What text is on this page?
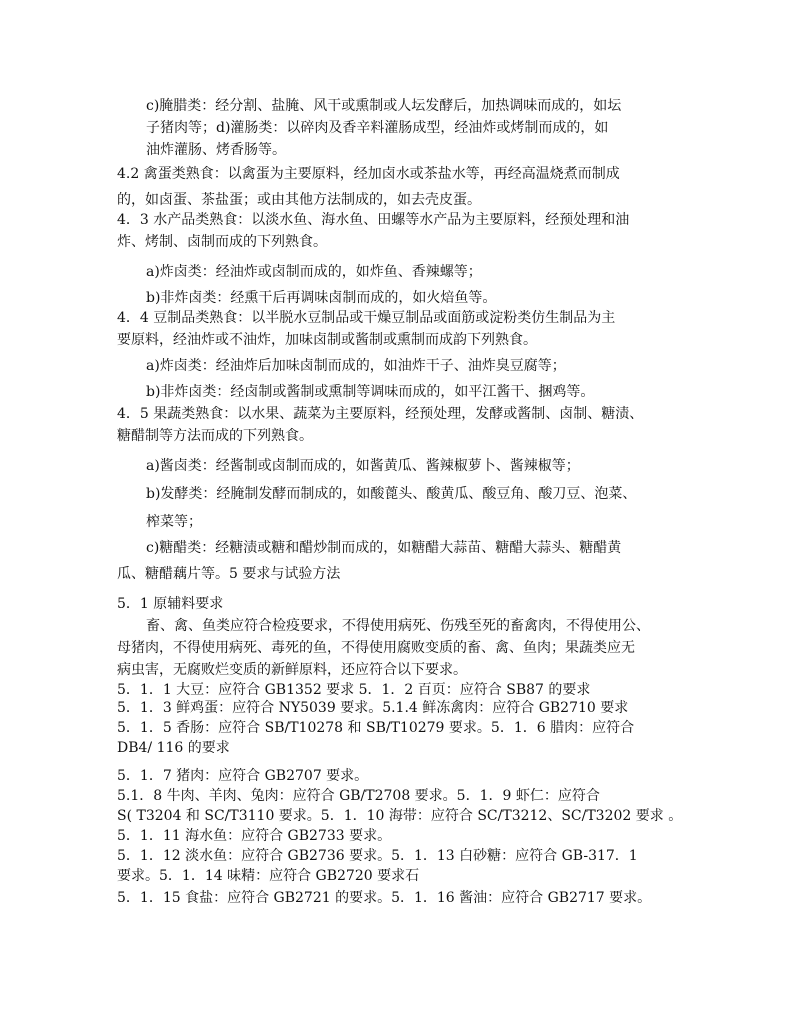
c)腌腊类：经分割、盐腌、风干或熏制或人坛发酵后，加热调味而成的，如坛

子猪肉等；d)灌肠类：以碎肉及香辛料灌肠成型，经油炸或烤制而成的，如

油炸灌肠、烤香肠等。

4.2 禽蛋类熟食：以禽蛋为主要原料，经加卤水或茶盐水等，再经高温烧煮而制成

的，如卤蛋、茶盐蛋；或由其他方法制成的，如去壳皮蛋。

4．3 水产品类熟食：以淡水鱼、海水鱼、田螺等水产品为主要原料，经预处理和油

炸、烤制、卤制而成的下列熟食。

a)炸卤类：经油炸或卤制而成的，如炸鱼、香辣螺等；

b)非炸卤类：经熏干后再调味卤制而成的，如火焙鱼等。

4．4 豆制品类熟食：以半脱水豆制品或干燥豆制品或面筋或淀粉类仿生制品为主

要原料，经油炸或不油炸，加味卤制或酱制或熏制而成韵下列熟食。

a)炸卤类：经油炸后加味卤制而成的，如油炸干子、油炸臭豆腐等；

b)非炸卤类：经卤制或酱制或熏制等调味而成的，如平江酱干、捆鸡等。

4．5 果蔬类熟食：以水果、蔬菜为主要原料，经预处理，发酵或酱制、卤制、糖渍、

糖醋制等方法而成的下列熟食。

a)酱卤类：经酱制或卤制而成的，如酱黄瓜、酱辣椒萝卜、酱辣椒等；

b)发酵类：经腌制发酵而制成的，如酸蓖头、酸黄瓜、酸豆角、酸刀豆、泡菜、

榨菜等；

c)糖醋类：经糖渍或糖和醋炒制而成的，如糖醋大蒜苗、糖醋大蒜头、糖醋黄

瓜、糖醋藕片等。5 要求与试验方法

5．1 原辅料要求

畜、禽、鱼类应符合检疫要求，不得使用病死、伤残至死的畜禽肉，不得使用公、

母猪肉，不得使用病死、毒死的鱼，不得使用腐败变质的畜、禽、鱼肉；果蔬类应无

病虫害，无腐败烂变质的新鲜原料，还应符合以下要求。

5．1．1 大豆：应符合 GB1352 要求 5．1．2 百页：应符合 SB87 的要求

5．1．3 鲜鸡蛋：应符合 NY5039 要求。5.1.4 鲜冻禽肉：应符合 GB2710 要求

5．1．5 香肠：应符合 SB/T10278 和 SB/T10279 要求。5．1．6 腊肉：应符合

DB4/ 116 的要求

5．1．7 猪肉：应符合 GB2707 要求。

5.1．8 牛肉、羊肉、兔肉：应符合 GB/T2708 要求。5．1．9 虾仁：应符合

S( T3204 和 SC/T3110 要求。5．1．10 海带：应符合 SC/T3212、SC/T3202 要求 。

5．1．11 海水鱼：应符合 GB2733 要求。

5．1．12 淡水鱼：应符合 GB2736 要求。5．1．13 白砂糖：应符合 GB-317．1

要求。5．1．14 味精：应符合 GB2720 要求石

5．1．15 食盐：应符合 GB2721 的要求。5．1．16 酱油：应符合 GB2717 要求。
